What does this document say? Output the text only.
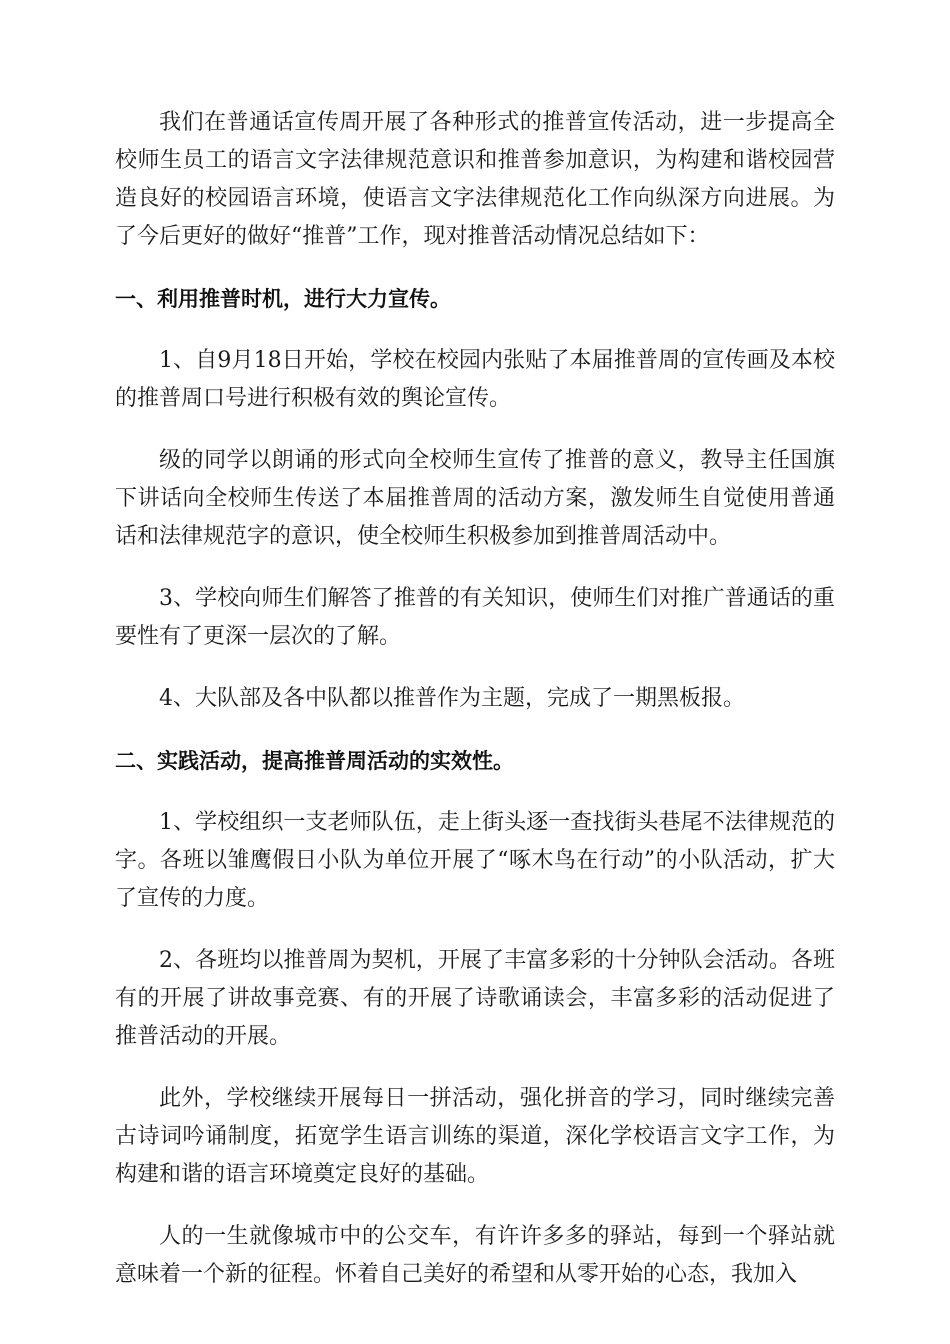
我们在普通话宣传周开展了各种形式的推普宣传活动，进一步提高全校师生员工的语言文字法律规范意识和推普参加意识，为构建和谐校园营造良好的校园语言环境，使语言文字法律规范化工作向纵深方向进展。为了今后更好的做好“推普”工作，现对推普活动情况总结如下：

一、利用推普时机，进行大力宣传。

1、自9月18日开始，学校在校园内张贴了本届推普周的宣传画及本校的推普周口号进行积极有效的舆论宣传。

级的同学以朗诵的形式向全校师生宣传了推普的意义，教导主任国旗下讲话向全校师生传送了本届推普周的活动方案，激发师生自觉使用普通话和法律规范字的意识，使全校师生积极参加到推普周活动中。

3、学校向师生们解答了推普的有关知识，使师生们对推广普通话的重要性有了更深一层次的了解。

4、大队部及各中队都以推普作为主题，完成了一期黑板报。

二、实践活动，提高推普周活动的实效性。

1、学校组织一支老师队伍，走上街头逐一查找街头巷尾不法律规范的字。各班以雏鹰假日小队为单位开展了“啄木鸟在行动”的小队活动，扩大了宣传的力度。

2、各班均以推普周为契机，开展了丰富多彩的十分钟队会活动。各班有的开展了讲故事竞赛、有的开展了诗歌诵读会，丰富多彩的活动促进了推普活动的开展。

此外，学校继续开展每日一拼活动，强化拼音的学习，同时继续完善古诗词吟诵制度，拓宽学生语言训练的渠道，深化学校语言文字工作，为构建和谐的语言环境奠定良好的基础。

人的一生就像城市中的公交车，有许许多多的驿站，每到一个驿站就意味着一个新的征程。怀着自己美好的希望和从零开始的心态，我加入
